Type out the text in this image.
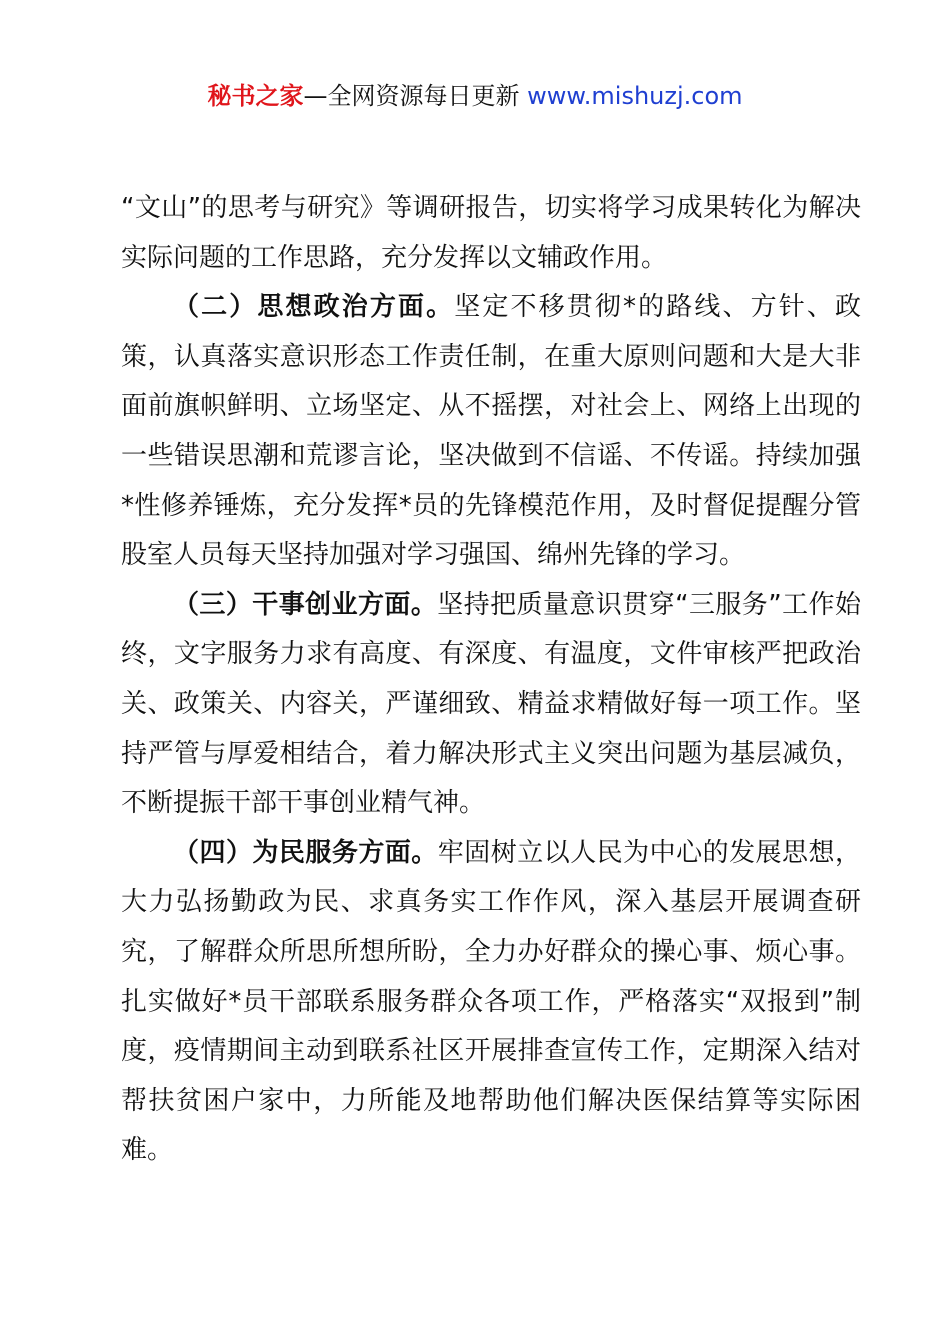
秘书之家—全网资源每日更新 www.mishuzj.com

“文山”的思考与研究》等调研报告，切实将学习成果转化为解决实际问题的工作思路，充分发挥以文辅政作用。

（二）思想政治方面。坚定不移贯彻*的路线、方针、政策，认真落实意识形态工作责任制，在重大原则问题和大是大非面前旗帜鲜明、立场坚定、从不摇摆，对社会上、网络上出现的一些错误思潮和荒谬言论，坚决做到不信谣、不传谣。持续加强*性修养锤炼，充分发挥*员的先锋模范作用，及时督促提醒分管股室人员每天坚持加强对学习强国、绵州先锋的学习。

（三）干事创业方面。坚持把质量意识贯穿“三服务”工作始终，文字服务力求有高度、有深度、有温度，文件审核严把政治关、政策关、内容关，严谨细致、精益求精做好每一项工作。坚持严管与厚爱相结合，着力解决形式主义突出问题为基层减负，不断提振干部干事创业精气神。

（四）为民服务方面。牢固树立以人民为中心的发展思想，大力弘扬勤政为民、求真务实工作作风，深入基层开展调查研究，了解群众所思所想所盼，全力办好群众的操心事、烦心事。扎实做好*员干部联系服务群众各项工作，严格落实“双报到”制度，疫情期间主动到联系社区开展排查宣传工作，定期深入结对帮扶贫困户家中，力所能及地帮助他们解决医保结算等实际困难。
